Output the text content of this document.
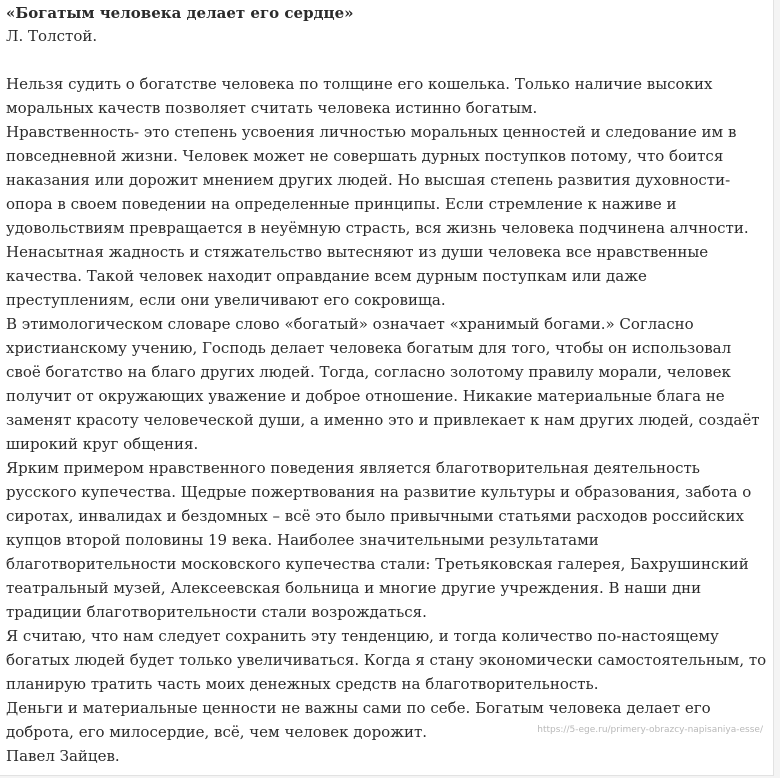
«Богатым человека делает его сердце»

Л. Толстой.

Нельзя судить о богатстве человека по толщине его кошелька. Только наличие высоких моральных качеств позволяет считать человека истинно богатым.

Нравственность- это степень усвоения личностью моральных ценностей и следование им в повседневной жизни. Человек может не совершать дурных поступков потому, что боится наказания или дорожит мнением других людей. Но высшая степень развития духовности- опора в своем поведении на определенные принципы. Если стремление к наживе и удовольствиям превращается в неуёмную страсть, вся жизнь человека подчинена алчности. Ненасытная жадность и стяжательство вытесняют из души человека все нравственные качества. Такой человек находит оправдание всем дурным поступкам или даже преступлениям, если они увеличивают его сокровища.

В этимологическом словаре слово «богатый» означает «хранимый богами.» Согласно христианскому учению, Господь делает человека богатым для того, чтобы он использовал своё богатство на благо других людей. Тогда, согласно золотому правилу морали, человек получит от окружающих уважение и доброе отношение. Никакие материальные блага не заменят красоту человеческой души, а именно это и привлекает к нам других людей, создаёт широкий круг общения.

Ярким примером нравственного поведения является благотворительная деятельность русского купечества. Щедрые пожертвования на развитие культуры и образования, забота о сиротах, инвалидах и бездомных – всё это было привычными статьями расходов российских купцов второй половины 19 века. Наиболее значительными результатами благотворительности московского купечества стали: Третьяковская галерея, Бахрушинский театральный музей, Алексеевская больница и многие другие учреждения. В наши дни традиции благотворительности стали возрождаться.

Я считаю, что нам следует сохранить эту тенденцию, и тогда количество по-настоящему богатых людей будет только увеличиваться. Когда я стану экономически самостоятельным, то планирую тратить часть моих денежных средств на благотворительность.

Деньги и материальные ценности не важны сами по себе. Богатым человека делает его доброта, его милосердие, всё, чем человек дорожит.	https://5-ege.ru/primery-obrazcy-napisaniya-esse/

Павел Зайцев.
